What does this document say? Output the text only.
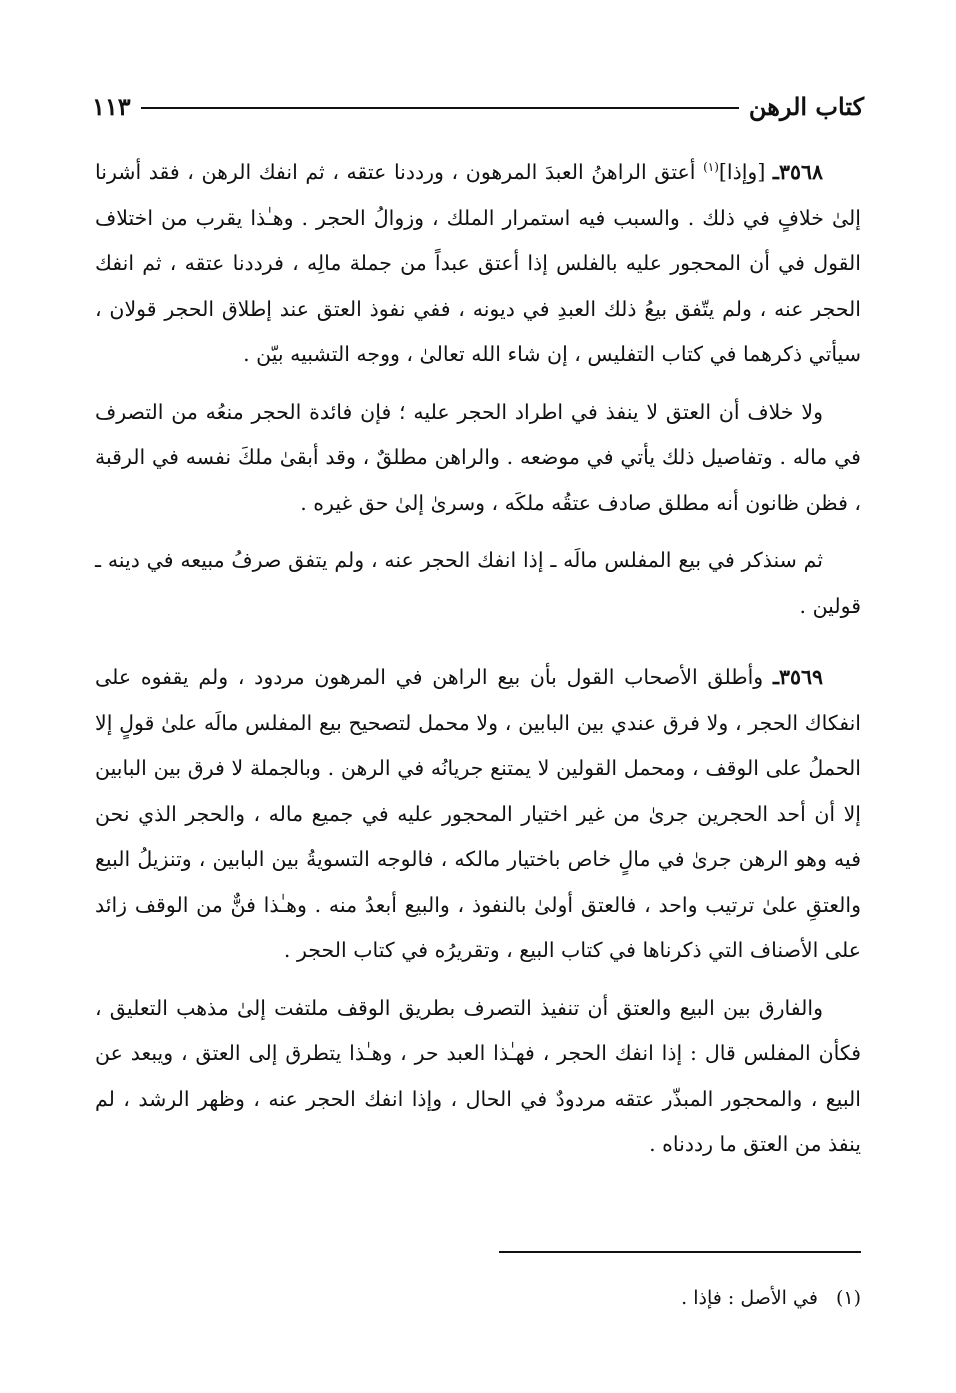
كتاب الرهن
١١٣

٣٥٦٨ـ [وإذا]$^{(١)}$ أعتق الراهنُ العبدَ المرهون ، ورددنا عتقه ، ثم انفك الرهن ، فقد أشرنا إلىٰ خلافٍ في ذلك . والسبب فيه استمرار الملك ، وزوالُ الحجر . وهـٰذا يقرب من اختلاف القول في أن المحجور عليه بالفلس إذا أعتق عبداً من جملة مالِه ، فرددنا عتقه ، ثم انفك الحجر عنه ، ولم يتّفق بيعُ ذلك العبدِ في ديونه ، ففي نفوذ العتق عند إطلاق الحجر قولان ، سيأتي ذكرهما في كتاب التفليس ، إن شاء الله تعالىٰ ، ووجه التشبيه بيّن .

ولا خلاف أن العتق لا ينفذ في اطراد الحجر عليه ؛ فإن فائدة الحجر منعُه من التصرف في ماله . وتفاصيل ذلك يأتي في موضعه . والراهن مطلقٌ ، وقد أبقىٰ ملكَ نفسه في الرقبة ، فظن ظانون أنه مطلق صادف عتقُه ملكَه ، وسرىٰ إلىٰ حق غيره .

ثم سنذكر في بيع المفلس مالَه ـ إذا انفك الحجر عنه ، ولم يتفق صرفُ مبيعه في دينه ـ قولين .

٣٥٦٩ـ وأطلق الأصحاب القول بأن بيع الراهن في المرهون مردود ، ولم يقفوه على انفكاك الحجر ، ولا فرق عندي بين البابين ، ولا محمل لتصحيح بيع المفلس مالَه علىٰ قولٍ إلا الحملُ على الوقف ، ومحمل القولين لا يمتنع جريانُه في الرهن . وبالجملة لا فرق بين البابين إلا أن أحد الحجرين جرىٰ من غير اختيار المحجور عليه في جميع ماله ، والحجر الذي نحن فيه وهو الرهن جرىٰ في مالٍ خاص باختيار مالكه ، فالوجه التسويةُ بين البابين ، وتنزيلُ البيع والعتقِ علىٰ ترتيب واحد ، فالعتق أولىٰ بالنفوذ ، والبيع أبعدُ منه . وهـٰذا فنٌّ من الوقف زائد على الأصناف التي ذكرناها في كتاب البيع ، وتقريرُه في كتاب الحجر .

والفارق بين البيع والعتق أن تنفيذ التصرف بطريق الوقف ملتفت إلىٰ مذهب التعليق ، فكأن المفلس قال : إذا انفك الحجر ، فهـٰذا العبد حر ، وهـٰذا يتطرق إلى العتق ، ويبعد عن البيع ، والمحجور المبذّر عتقه مردودٌ في الحال ، وإذا انفك الحجر عنه ، وظهر الرشد ، لم ينفذ من العتق ما رددناه .

(١)في الأصل : فإذا .
